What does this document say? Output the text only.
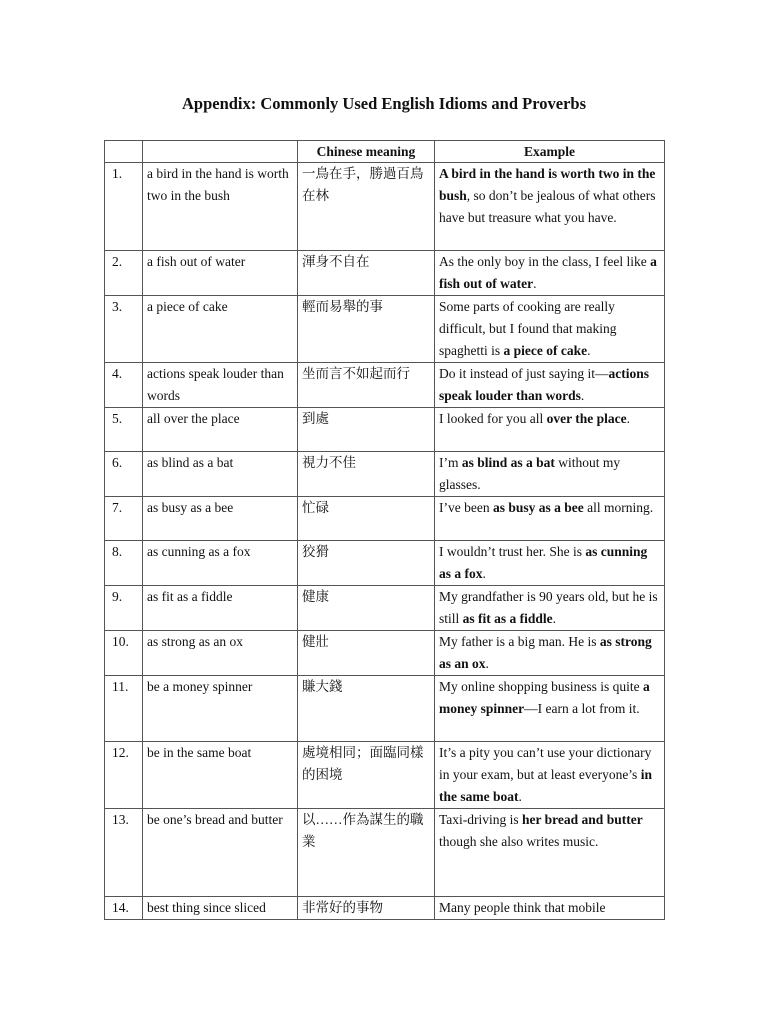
Appendix: Commonly Used English Idioms and Proverbs
		Chinese meaning	Example
1.	a bird in the hand is worth two in the bush	一鳥在手，勝過百鳥在林	A bird in the hand is worth two in the bush, so don’t be jealous of what others have but treasure what you have.
2.	a fish out of water	渾身不自在	As the only boy in the class, I feel like a fish out of water.
3.	a piece of cake	輕而易舉的事	Some parts of cooking are really difficult, but I found that making spaghetti is a piece of cake.
4.	actions speak louder than words	坐而言不如起而行	Do it instead of just saying it—actions speak louder than words.
5.	all over the place	到處	I looked for you all over the place.
6.	as blind as a bat	視力不佳	I’m as blind as a bat without my glasses.
7.	as busy as a bee	忙碌	I’ve been as busy as a bee all morning.
8.	as cunning as a fox	狡猾	I wouldn’t trust her. She is as cunning as a fox.
9.	as fit as a fiddle	健康	My grandfather is 90 years old, but he is still as fit as a fiddle.
10.	as strong as an ox	健壯	My father is a big man. He is as strong as an ox.
11.	be a money spinner	賺大錢	My online shopping business is quite a money spinner—I earn a lot from it.
12.	be in the same boat	處境相同；面臨同樣的困境	It’s a pity you can’t use your dictionary in your exam, but at least everyone’s in the same boat.
13.	be one’s bread and butter	以……作為謀生的職業	Taxi-driving is her bread and butter though she also writes music.
14.	best thing since sliced	非常好的事物	Many people think that mobile
